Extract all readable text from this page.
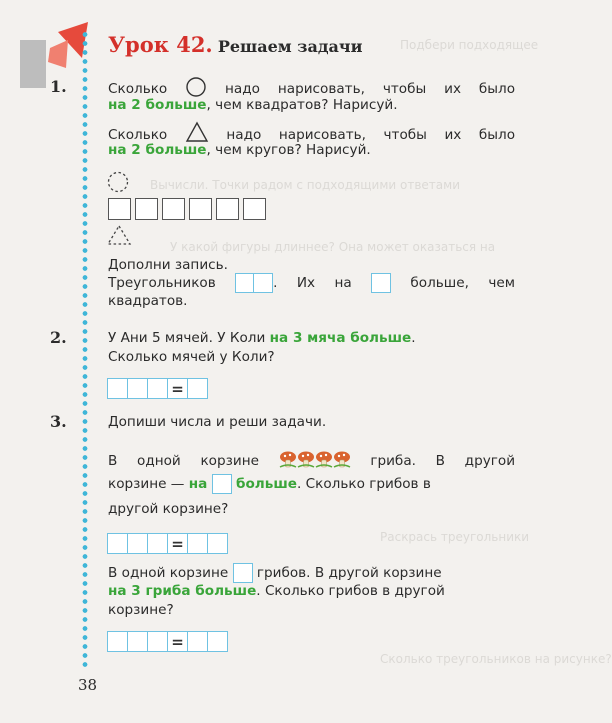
Подбери подходящее
Вычисли. Точки радом с подходящими ответами
У какой фигуры длиннее? Она может оказаться на
Раскрась треугольники
Сколько треугольников на рисунке?
Урок 42. Решаем задачи
1.	Сколько	надо нарисовать, чтобы их было
на 2 больше, чем квадратов? Нарисуй.
Сколько	надо нарисовать, чтобы их было
на 2 больше, чем кругов? Нарисуй.
Дополни запись.
Треугольников	. Их на	больше, чем
квадратов.
2.	У Ани 5 мячей. У Коли на 3 мяча больше.
Сколько мячей у Коли?
=
3.	Допиши числа и реши задачи.
В одной корзине	гриба. В другой
корзине — на больше. Сколько грибов в
другой корзине?
=
В одной корзине грибов. В другой корзине
на 3 гриба больше. Сколько грибов в другой
корзине?
=
38
